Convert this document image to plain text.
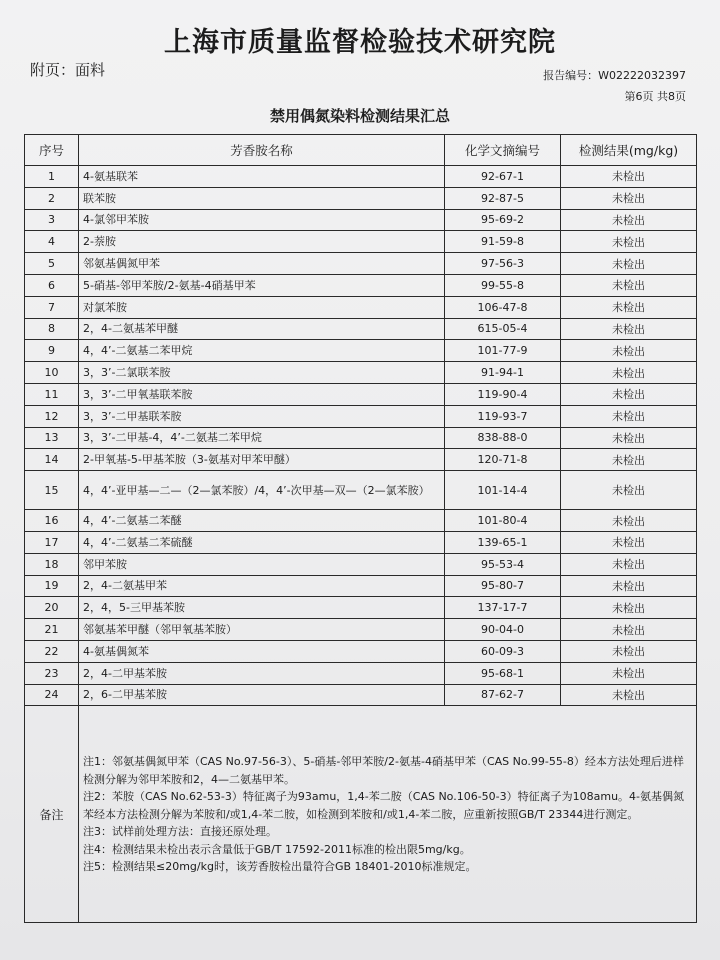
上海市质量监督检验技术研究院
附页：面料	报告编号：W02222032397
第6页 共8页
禁用偶氮染料检测结果汇总
序号	芳香胺名称	化学文摘编号	检测结果(mg/kg)
1	4-氨基联苯	92-67-1	未检出
2	联苯胺	92-87-5	未检出
3	4-氯邻甲苯胺	95-69-2	未检出
4	2-萘胺	91-59-8	未检出
5	邻氨基偶氮甲苯	97-56-3	未检出
6	5-硝基-邻甲苯胺/2-氨基-4硝基甲苯	99-55-8	未检出
7	对氯苯胺	106-47-8	未检出
8	2，4-二氨基苯甲醚	615-05-4	未检出
9	4，4’-二氨基二苯甲烷	101-77-9	未检出
10	3，3’-二氯联苯胺	91-94-1	未检出
11	3，3’-二甲氧基联苯胺	119-90-4	未检出
12	3，3’-二甲基联苯胺	119-93-7	未检出
13	3，3’-二甲基-4，4’-二氨基二苯甲烷	838-88-0	未检出
14	2-甲氧基-5-甲基苯胺（3-氨基对甲苯甲醚）	120-71-8	未检出
15	4，4’-亚甲基—二—（2—氯苯胺）/4，4’-次甲基—双—（2—氯苯胺）	101-14-4	未检出
16	4，4’-二氨基二苯醚	101-80-4	未检出
17	4，4’-二氨基二苯硫醚	139-65-1	未检出
18	邻甲苯胺	95-53-4	未检出
19	2，4-二氨基甲苯	95-80-7	未检出
20	2，4，5-三甲基苯胺	137-17-7	未检出
21	邻氨基苯甲醚（邻甲氧基苯胺）	90-04-0	未检出
22	4-氨基偶氮苯	60-09-3	未检出
23	2，4-二甲基苯胺	95-68-1	未检出
24	2，6-二甲基苯胺	87-62-7	未检出
备注	注1：邻氨基偶氮甲苯（CAS No.97-56-3）、5-硝基-邻甲苯胺/2-氨基-4硝基甲苯（CAS No.99-55-8）经本方法处理后进样检测分解为邻甲苯胺和2，4—二氨基甲苯。
注2：苯胺（CAS No.62-53-3）特征离子为93amu，1,4-苯二胺（CAS No.106-50-3）特征离子为108amu。4-氨基偶氮苯经本方法检测分解为苯胺和/或1,4-苯二胺，如检测到苯胺和/或1,4-苯二胺，应重新按照GB/T 23344进行测定。
注3：试样前处理方法：直接还原处理。
注4：检测结果未检出表示含量低于GB/T 17592-2011标准的检出限5mg/kg。
注5：检测结果≤20mg/kg时，该芳香胺检出量符合GB 18401-2010标准规定。		
